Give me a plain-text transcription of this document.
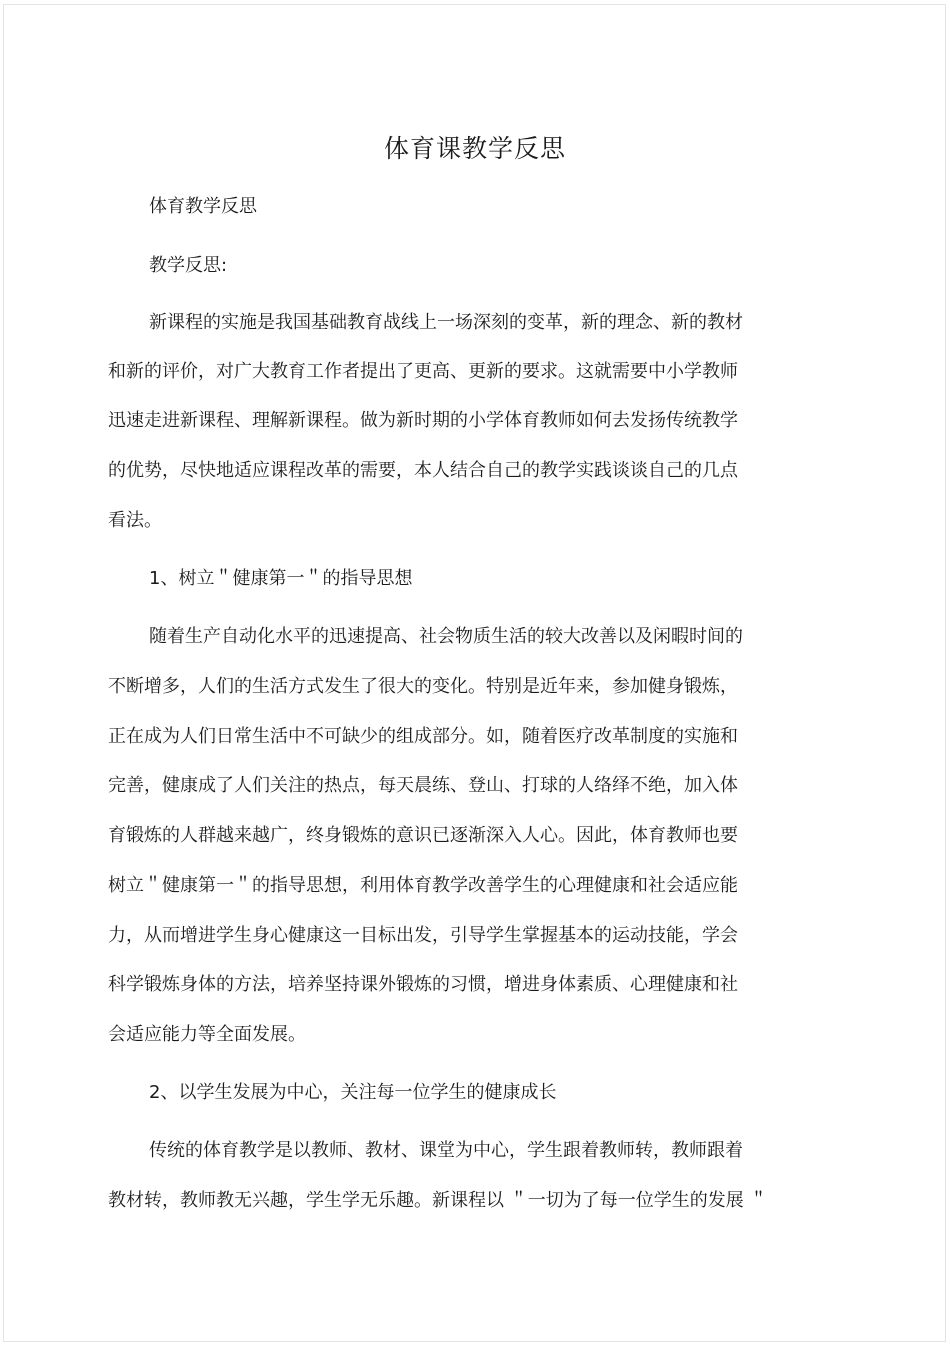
体育课教学反思
体育教学反思
教学反思:
新课程的实施是我国基础教育战线上一场深刻的变革，新的理念、新的教材
和新的评价，对广大教育工作者提出了更高、更新的要求。这就需要中小学教师
迅速走进新课程、理解新课程。做为新时期的小学体育教师如何去发扬传统教学
的优势，尽快地适应课程改革的需要，本人结合自己的教学实践谈谈自己的几点
看法。
1、树立＂健康第一＂的指导思想
随着生产自动化水平的迅速提高、社会物质生活的较大改善以及闲暇时间的
不断增多，人们的生活方式发生了很大的变化。特别是近年来，参加健身锻炼，
正在成为人们日常生活中不可缺少的组成部分。如，随着医疗改革制度的实施和
完善，健康成了人们关注的热点，每天晨练、登山、打球的人络绎不绝，加入体
育锻炼的人群越来越广，终身锻炼的意识已逐渐深入人心。因此，体育教师也要
树立＂健康第一＂的指导思想，利用体育教学改善学生的心理健康和社会适应能
力，从而增进学生身心健康这一目标出发，引导学生掌握基本的运动技能，学会
科学锻炼身体的方法，培养坚持课外锻炼的习惯，增进身体素质、心理健康和社
会适应能力等全面发展。
2、以学生发展为中心，关注每一位学生的健康成长
传统的体育教学是以教师、教材、课堂为中心，学生跟着教师转，教师跟着
教材转，教师教无兴趣，学生学无乐趣。新课程以 ＂一切为了每一位学生的发展 ＂
